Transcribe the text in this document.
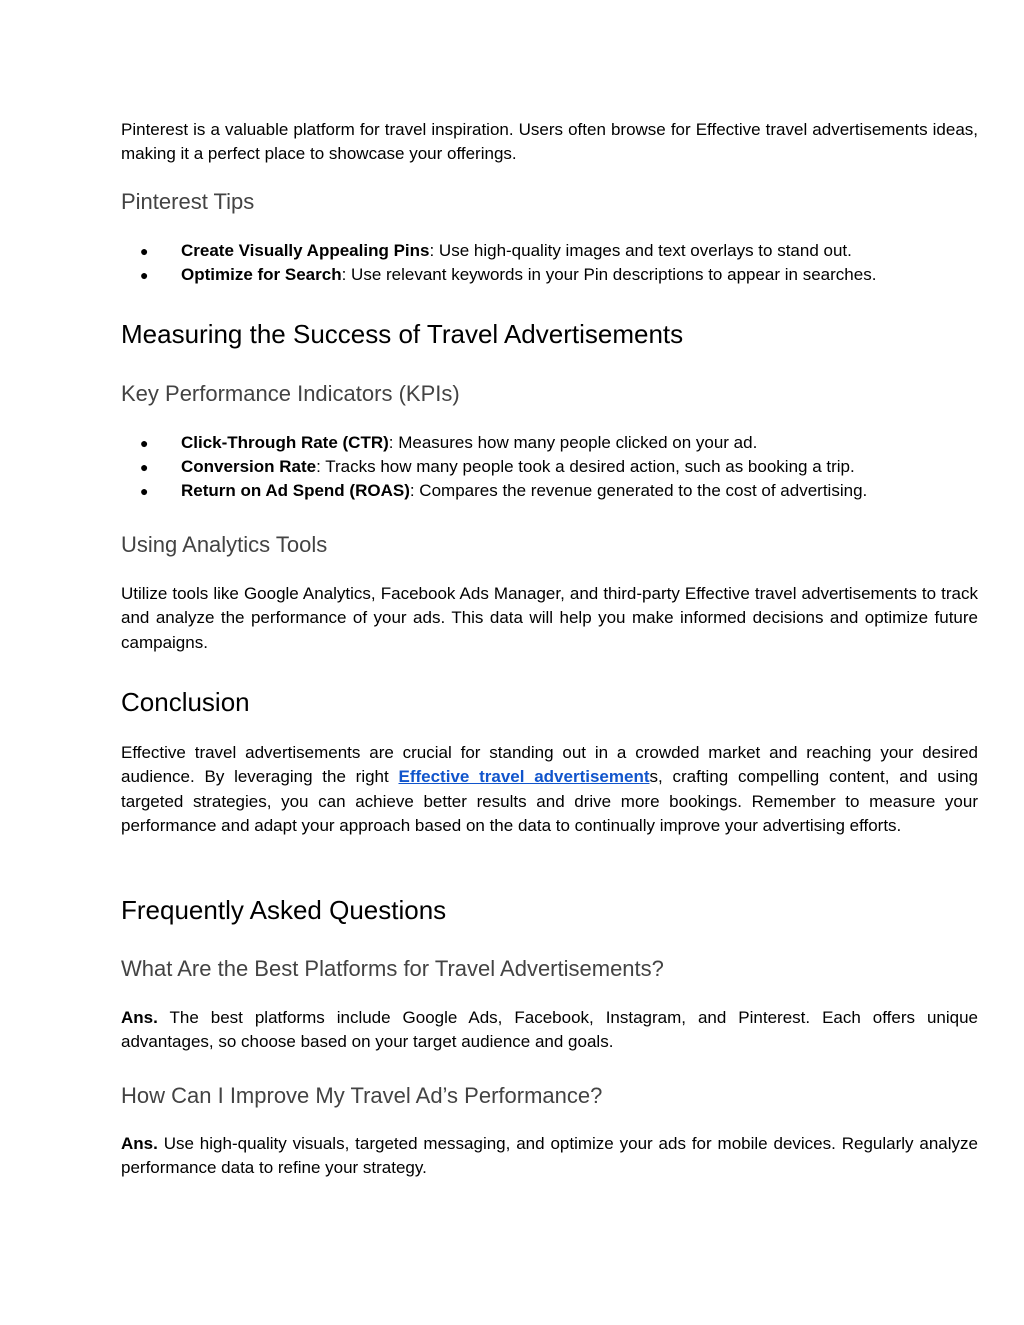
Pinterest is a valuable platform for travel inspiration. Users often browse for Effective travel advertisements ideas, making it a perfect place to showcase your offerings.

Pinterest Tips
● Create Visually Appealing Pins: Use high-quality images and text overlays to stand out.
● Optimize for Search: Use relevant keywords in your Pin descriptions to appear in searches.
Measuring the Success of Travel Advertisements
Key Performance Indicators (KPIs)
● Click-Through Rate (CTR): Measures how many people clicked on your ad.
● Conversion Rate: Tracks how many people took a desired action, such as booking a trip.
● Return on Ad Spend (ROAS): Compares the revenue generated to the cost of advertising.
Using Analytics Tools

Utilize tools like Google Analytics, Facebook Ads Manager, and third-party Effective travel advertisements to track and analyze the performance of your ads. This data will help you make informed decisions and optimize future campaigns.

Conclusion

Effective travel advertisements are crucial for standing out in a crowded market and reaching your desired audience. By leveraging the right Effective travel advertisements, crafting compelling content, and using targeted strategies, you can achieve better results and drive more bookings. Remember to measure your performance and adapt your approach based on the data to continually improve your advertising efforts.

Frequently Asked Questions
What Are the Best Platforms for Travel Advertisements?

Ans. The best platforms include Google Ads, Facebook, Instagram, and Pinterest. Each offers unique advantages, so choose based on your target audience and goals.

How Can I Improve My Travel Ad’s Performance?

Ans. Use high-quality visuals, targeted messaging, and optimize your ads for mobile devices. Regularly analyze performance data to refine your strategy.
